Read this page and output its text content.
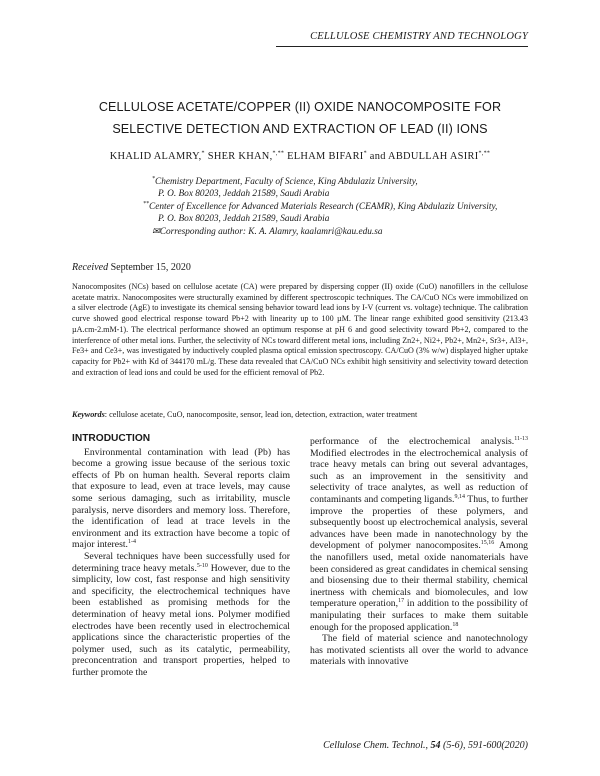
CELLULOSE CHEMISTRY AND TECHNOLOGY
CELLULOSE ACETATE/COPPER (II) OXIDE NANOCOMPOSITE FOR
SELECTIVE DETECTION AND EXTRACTION OF LEAD (II) IONS
KHALID ALAMRY,* SHER KHAN,*,** ELHAM BIFARI* and ABDULLAH ASIRI*,**
*Chemistry Department, Faculty of Science, King Abdulaziz University,
P. O. Box 80203, Jeddah 21589, Saudi Arabia
**Center of Excellence for Advanced Materials Research (CEAMR), King Abdulaziz University,
P. O. Box 80203, Jeddah 21589, Saudi Arabia
✉Corresponding author: K. A. Alamry, kaalamri@kau.edu.sa
Received September 15, 2020
Nanocomposites (NCs) based on cellulose acetate (CA) were prepared by dispersing copper (II) oxide (CuO) nanofillers in the cellulose acetate matrix. Nanocomposites were structurally examined by different spectroscopic techniques. The CA/CuO NCs were immobilized on a silver electrode (AgE) to investigate its chemical sensing behavior toward lead ions by I-V (current vs. voltage) technique. The calibration curve showed good electrical response toward Pb+2 with linearity up to 100 µM. The linear range exhibited good sensitivity (213.43 µA.cm-2.mM-1). The electrical performance showed an optimum response at pH 6 and good selectivity toward Pb+2, compared to the interference of other metal ions. Further, the selectivity of NCs toward different metal ions, including Zn2+, Ni2+, Pb2+, Mn2+, Sr3+, Al3+, Fe3+ and Ce3+, was investigated by inductively coupled plasma optical emission spectroscopy. CA/CuO (3% w/w) displayed higher uptake capacity for Pb2+ with Kd of 344170 mL/g. These data revealed that CA/CuO NCs exhibit high sensitivity and selectivity toward detection and extraction of lead ions and could be used for the efficient removal of Pb2.
Keywords: cellulose acetate, CuO, nanocomposite, sensor, lead ion, detection, extraction, water treatment
INTRODUCTION

Environmental contamination with lead (Pb) has become a growing issue because of the serious toxic effects of Pb on human health. Several reports claim that exposure to lead, even at trace levels, may cause some serious damaging, such as irritability, muscle paralysis, nerve disorders and memory loss. Therefore, the identification of lead at trace levels in the environment and its extraction have become a topic of major interest.$^{1-4}$

Several techniques have been successfully used for determining trace heavy metals.$^{5-10}$ However, due to the simplicity, low cost, fast response and high sensitivity and specificity, the electrochemical techniques have been established as promising methods for the determination of heavy metal ions. Polymer modified electrodes have been recently used in electrochemical applications since the characteristic properties of the polymer used, such as its catalytic, permeability, preconcentration and transport properties, helped to further promote the

performance of the electrochemical analysis.$^{11-13}$ Modified electrodes in the electrochemical analysis of trace heavy metals can bring out several advantages, such as an improvement in the sensitivity and selectivity of trace analytes, as well as reduction of contaminants and competing ligands.$^{9,14}$ Thus, to further improve the properties of these polymers, and subsequently boost up electrochemical analysis, several advances have been made in nanotechnology by the development of polymer nanocomposites.$^{15,16}$ Among the nanofillers used, metal oxide nanomaterials have been considered as great candidates in chemical sensing and biosensing due to their thermal stability, chemical inertness with chemicals and biomolecules, and low temperature operation,$^{17}$ in addition to the possibility of manipulating their surfaces to make them suitable enough for the proposed application.$^{18}$

The field of material science and nanotechnology has motivated scientists all over the world to advance materials with innovative

Cellulose Chem. Technol., 54 (5-6), 591-600(2020)
